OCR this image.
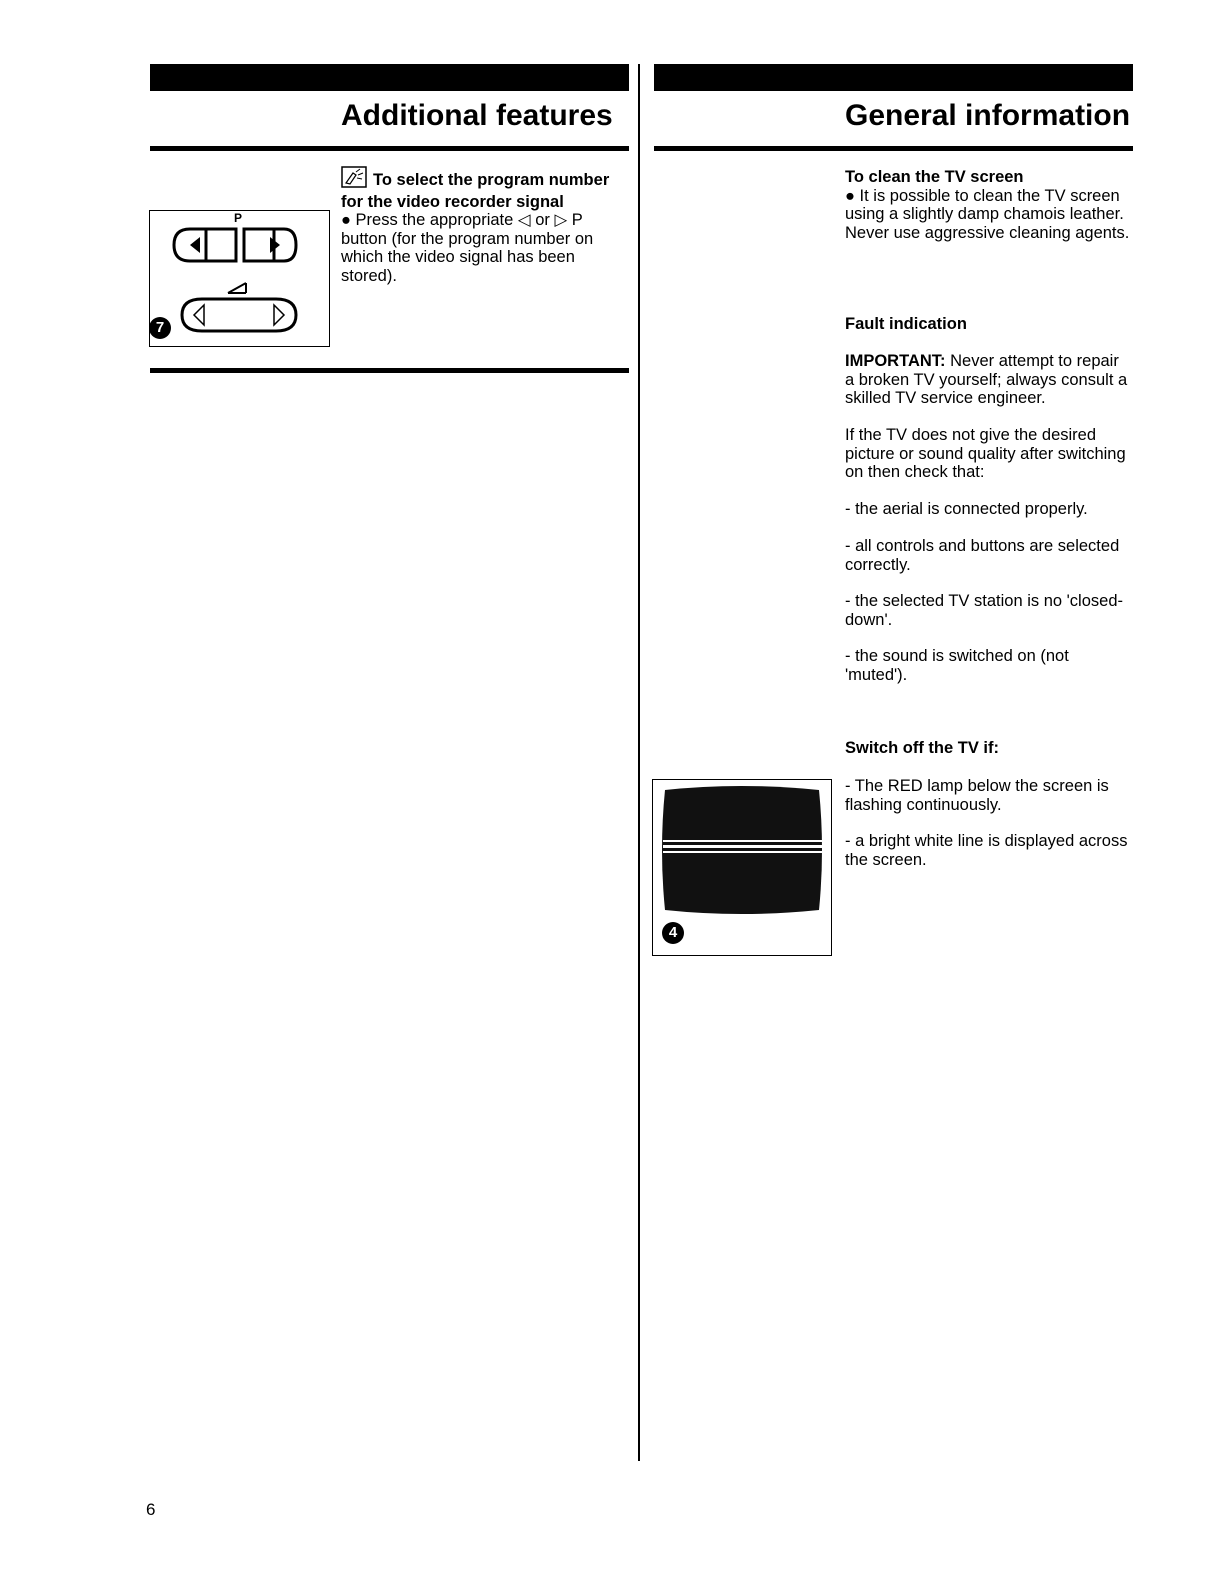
Additional features

To select the program number for the video recorder signal

● Press the appropriate ◁ or ▷ P button (for the program number on which the video signal has been stored).

P
7
General information

To clean the TV screen

● It is possible to clean the TV screen using a slightly damp chamois leather. Never use aggressive cleaning agents.

Fault indication
IMPORTANT: Never attempt to repair a broken TV yourself; always consult a skilled TV service engineer.
If the TV does not give the desired picture or sound quality after switching on then check that:
- the aerial is connected properly.
- all controls and buttons are selected correctly.
- the selected TV station is no 'closed-down'.
- the sound is switched on (not 'muted').
Switch off the TV if:
- The RED lamp below the screen is flashing continuously.
- a bright white line is displayed across the screen.
4
6
